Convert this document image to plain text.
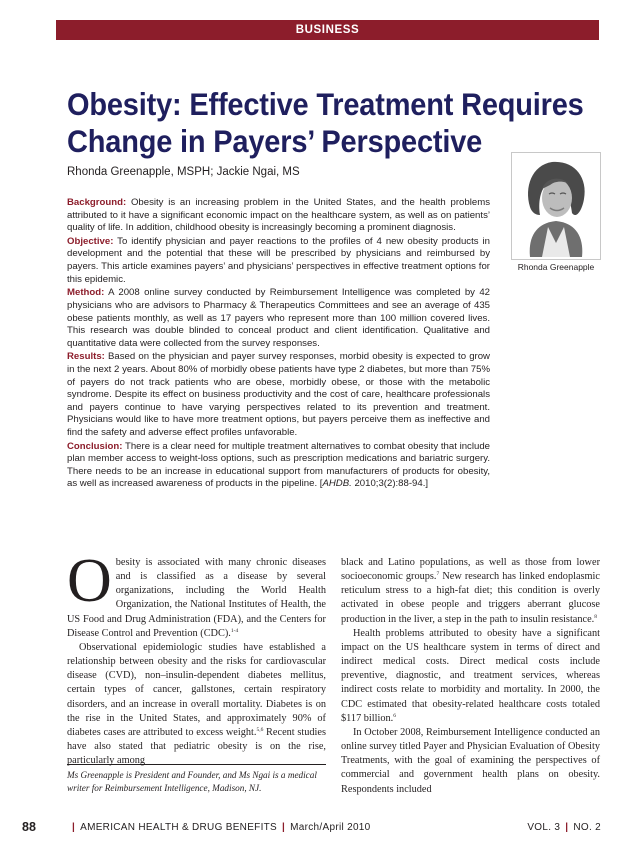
BUSINESS
Obesity: Effective Treatment Requires
Change in Payers’ Perspective
Rhonda Greenapple, MSPH; Jackie Ngai, MS

Background: Obesity is an increasing problem in the United States, and the health problems attributed to it have a significant economic impact on the healthcare system, as well as on patients’ quality of life. In addition, childhood obesity is increasingly becoming a prominent diagnosis.

Objective: To identify physician and payer reactions to the profiles of 4 new obesity products in development and the potential that these will be prescribed by physicians and reimbursed by payers. This article examines payers’ and physicians’ perspectives in effective treatment options for this epidemic.

Method: A 2008 online survey conducted by Reimbursement Intelligence was completed by 42 physicians who are advisors to Pharmacy & Therapeutics Committees and see an average of 435 obese patients monthly, as well as 17 payers who represent more than 100 million covered lives. This research was double blinded to conceal product and client identification. Qualitative and quantitative data were collected from the survey responses.

Results: Based on the physician and payer survey responses, morbid obesity is expected to grow in the next 2 years. About 80% of morbidly obese patients have type 2 diabetes, but more than 75% of payers do not track patients who are obese, morbidly obese, or those with the metabolic syndrome. Despite its effect on business productivity and the cost of care, healthcare professionals and payers continue to have varying perspectives related to its prevention and treatment. Physicians would like to have more treatment options, but payers perceive them as ineffective and find the safety and adverse effect profiles unfavorable.

Conclusion: There is a clear need for multiple treatment alternatives to combat obesity that include plan member access to weight-loss options, such as prescription medications and bariatric surgery. There needs to be an increase in educational support from manufacturers of products for obesity, as well as increased awareness of products in the pipeline. [AHDB. 2010;3(2):88-94.]

Rhonda Greenapple

Obesity is associated with many chronic diseases and is classified as a disease by several organizations, including the World Health Organization, the National Institutes of Health, the US Food and Drug Administration (FDA), and the Centers for Disease Control and Prevention (CDC).$^{1-4}$

Observational epidemiologic studies have established a relationship between obesity and the risks for cardiovascular disease (CVD), non–insulin-dependent diabetes mellitus, certain types of cancer, gallstones, certain respiratory disorders, and an increase in overall mortality. Diabetes is on the rise in the United States, and approximately 90% of diabetes cases are attributed to excess weight.$^{5,6}$ Recent studies have also stated that pediatric obesity is on the rise, particularly among

Ms Greenapple is President and Founder, and Ms Ngai is a medical writer for Reimbursement Intelligence, Madison, NJ.

black and Latino populations, as well as those from lower socioeconomic groups.$^7$ New research has linked endoplasmic reticulum stress to a high-fat diet; this condition is overly activated in obese people and triggers aberrant glucose production in the liver, a step in the path to insulin resistance.$^8$

Health problems attributed to obesity have a significant impact on the US healthcare system in terms of direct and indirect medical costs. Direct medical costs include preventive, diagnostic, and treatment services, whereas indirect costs relate to morbidity and mortality. In 2000, the CDC estimated that obesity-related healthcare costs totaled $117 billion.$^6$

In October 2008, Reimbursement Intelligence conducted an online survey titled Payer and Physician Evaluation of Obesity Treatments, with the goal of examining the perspectives of commercial and government health plans on obesity. Respondents included

88	| AMERICAN HEALTH & DRUG BENEFITS | March/April 2010	VOL. 3 | NO. 2
